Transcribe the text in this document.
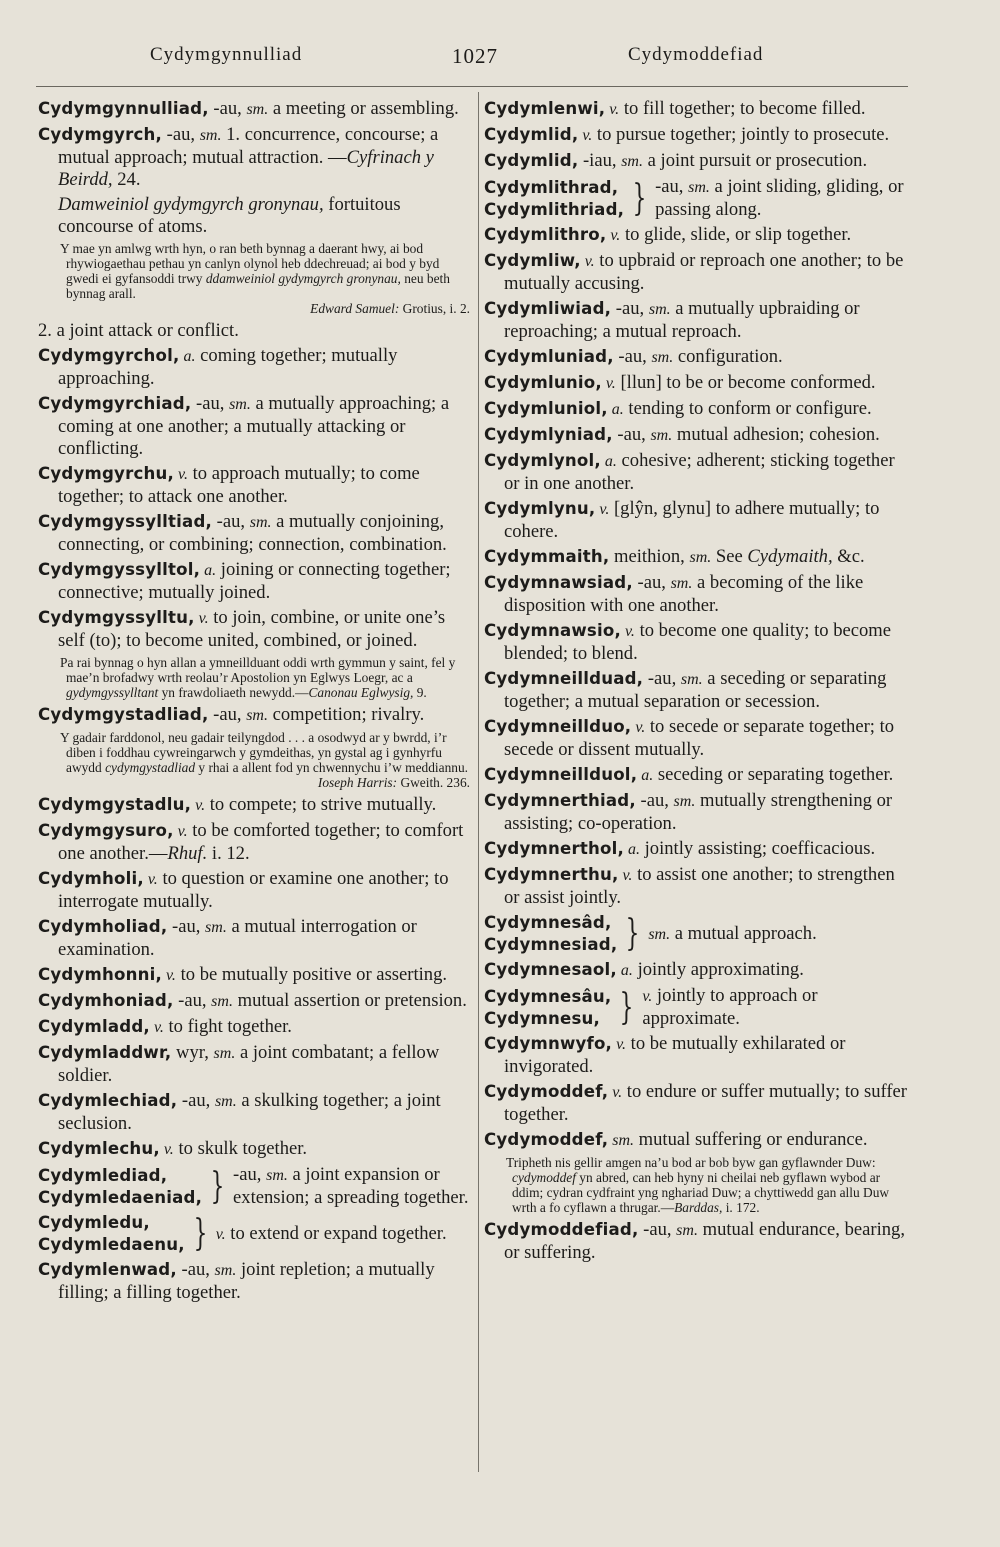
Cydymgynnulliad	1027	Cydymoddefiad

Cydymgynnulliad, -au, sm. a meeting or assembling.

Cydymgyrch, -au, sm. 1. concurrence, concourse; a mutual approach; mutual attraction. —Cyfrinach y Beirdd, 24.

Damweiniol gydymgyrch gronynau, fortuitous concourse of atoms.

Y mae yn amlwg wrth hyn, o ran beth bynnag a daerant hwy, ai bod rhywiogaethau pethau yn canlyn olynol heb ddechreuad; ai bod y byd gwedi ei gyfansoddi trwy ddamweiniol gydymgyrch gronynau, neu beth bynnag arall.
Edward Samuel: Grotius, i. 2.

2. a joint attack or conflict.

Cydymgyrchol, a. coming together; mutually approaching.

Cydymgyrchiad, -au, sm. a mutually approaching; a coming at one another; a mutually attacking or conflicting.

Cydymgyrchu, v. to approach mutually; to come together; to attack one another.

Cydymgyssylltiad, -au, sm. a mutually conjoining, connecting, or combining; connection, combination.

Cydymgyssylltol, a. joining or connecting together; connective; mutually joined.

Cydymgyssylltu, v. to join, combine, or unite one’s self (to); to become united, combined, or joined.

Pa rai bynnag o hyn allan a ymneillduant oddi wrth gymmun y saint, fel y mae’n brofadwy wrth reolau’r Apostolion yn Eglwys Loegr, ac a gydymgyssylltant yn frawdoliaeth newydd.—Canonau Eglwysig, 9.

Cydymgystadliad, -au, sm. competition; rivalry.

Y gadair farddonol, neu gadair teilyngdod . . . a osodwyd ar y bwrdd, i’r diben i foddhau cywreingarwch y gymdeithas, yn gystal ag i gynhyrfu awydd cydymgystadliad y rhai a allent fod yn chwennychu i’w meddiannu.
Ioseph Harris: Gweith. 236.

Cydymgystadlu, v. to compete; to strive mutually.

Cydymgysuro, v. to be comforted together; to comfort one another.—Rhuf. i. 12.

Cydymholi, v. to question or examine one another; to interrogate mutually.

Cydymholiad, -au, sm. a mutual interrogation or examination.

Cydymhonni, v. to be mutually positive or asserting.

Cydymhoniad, -au, sm. mutual assertion or pretension.

Cydymladd, v. to fight together.

Cydymladdwr, wyr, sm. a joint combatant; a fellow soldier.

Cydymlechiad, -au, sm. a skulking together; a joint seclusion.

Cydymlechu, v. to skulk together.

Cydymlediad,
Cydymledaeniad, } -au, sm. a joint expansion or extension; a spreading together.
Cydymledu,
Cydymledaenu, } v. to extend or expand together.

Cydymlenwad, -au, sm. joint repletion; a mutually filling; a filling together.

Cydymlenwi, v. to fill together; to become filled.

Cydymlid, v. to pursue together; jointly to prosecute.

Cydymlid, -iau, sm. a joint pursuit or prosecution.

Cydymlithrad,
Cydymlithriad, } -au, sm. a joint sliding, gliding, or passing along.

Cydymlithro, v. to glide, slide, or slip together.

Cydymliw, v. to upbraid or reproach one another; to be mutually accusing.

Cydymliwiad, -au, sm. a mutually upbraiding or reproaching; a mutual reproach.

Cydymluniad, -au, sm. configuration.

Cydymlunio, v. [llun] to be or become conformed.

Cydymluniol, a. tending to conform or configure.

Cydymlyniad, -au, sm. mutual adhesion; cohesion.

Cydymlynol, a. cohesive; adherent; sticking together or in one another.

Cydymlynu, v. [glŷn, glynu] to adhere mutually; to cohere.

Cydymmaith, meithion, sm. See Cydymaith, &c.

Cydymnawsiad, -au, sm. a becoming of the like disposition with one another.

Cydymnawsio, v. to become one quality; to become blended; to blend.

Cydymneillduad, -au, sm. a seceding or separating together; a mutual separation or secession.

Cydymneillduo, v. to secede or separate together; to secede or dissent mutually.

Cydymneillduol, a. seceding or separating together.

Cydymnerthiad, -au, sm. mutually strengthening or assisting; co-operation.

Cydymnerthol, a. jointly assisting; coefficacious.

Cydymnerthu, v. to assist one another; to strengthen or assist jointly.

Cydymnesâd,
Cydymnesiad, } sm. a mutual approach.

Cydymnesaol, a. jointly approximating.

Cydymnesâu,
Cydymnesu, } v. jointly to approach or approximate.

Cydymnwyfo, v. to be mutually exhilarated or invigorated.

Cydymoddef, v. to endure or suffer mutually; to suffer together.

Cydymoddef, sm. mutual suffering or endurance.

Tripheth nis gellir amgen na’u bod ar bob byw gan gyflawnder Duw: cydymoddef yn abred, can heb hyny ni cheilai neb gyflawn wybod ar ddim; cydran cydfraint yng nghariad Duw; a chyttiwedd gan allu Duw wrth a fo cyflawn a thrugar.—Barddas, i. 172.

Cydymoddefiad, -au, sm. mutual endurance, bearing, or suffering.
